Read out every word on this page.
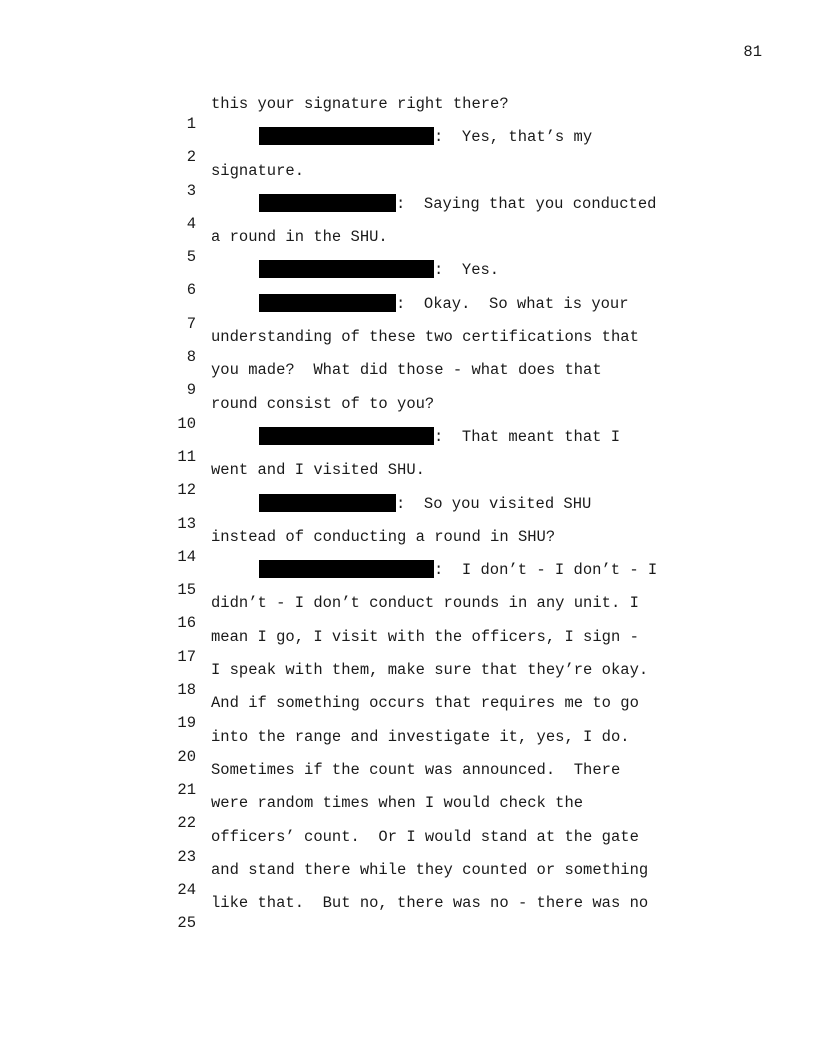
81

1

this your signature right there?

2

:  Yes, that’s my

3

signature.

4

:  Saying that you conducted

5

a round in the SHU.

6

:  Yes.

7

:  Okay.  So what is your

8

understanding of these two certifications that

9

you made?  What did those - what does that

10

round consist of to you?

11

:  That meant that I

12

went and I visited SHU.

13

:  So you visited SHU

14

instead of conducting a round in SHU?

15

:  I don’t - I don’t - I

16

didn’t - I don’t conduct rounds in any unit. I

17

mean I go, I visit with the officers, I sign -

18

I speak with them, make sure that they’re okay.

19

And if something occurs that requires me to go

20

into the range and investigate it, yes, I do.

21

Sometimes if the count was announced.  There

22

were random times when I would check the

23

officers’ count.  Or I would stand at the gate

24

and stand there while they counted or something

25

like that.  But no, there was no - there was no
